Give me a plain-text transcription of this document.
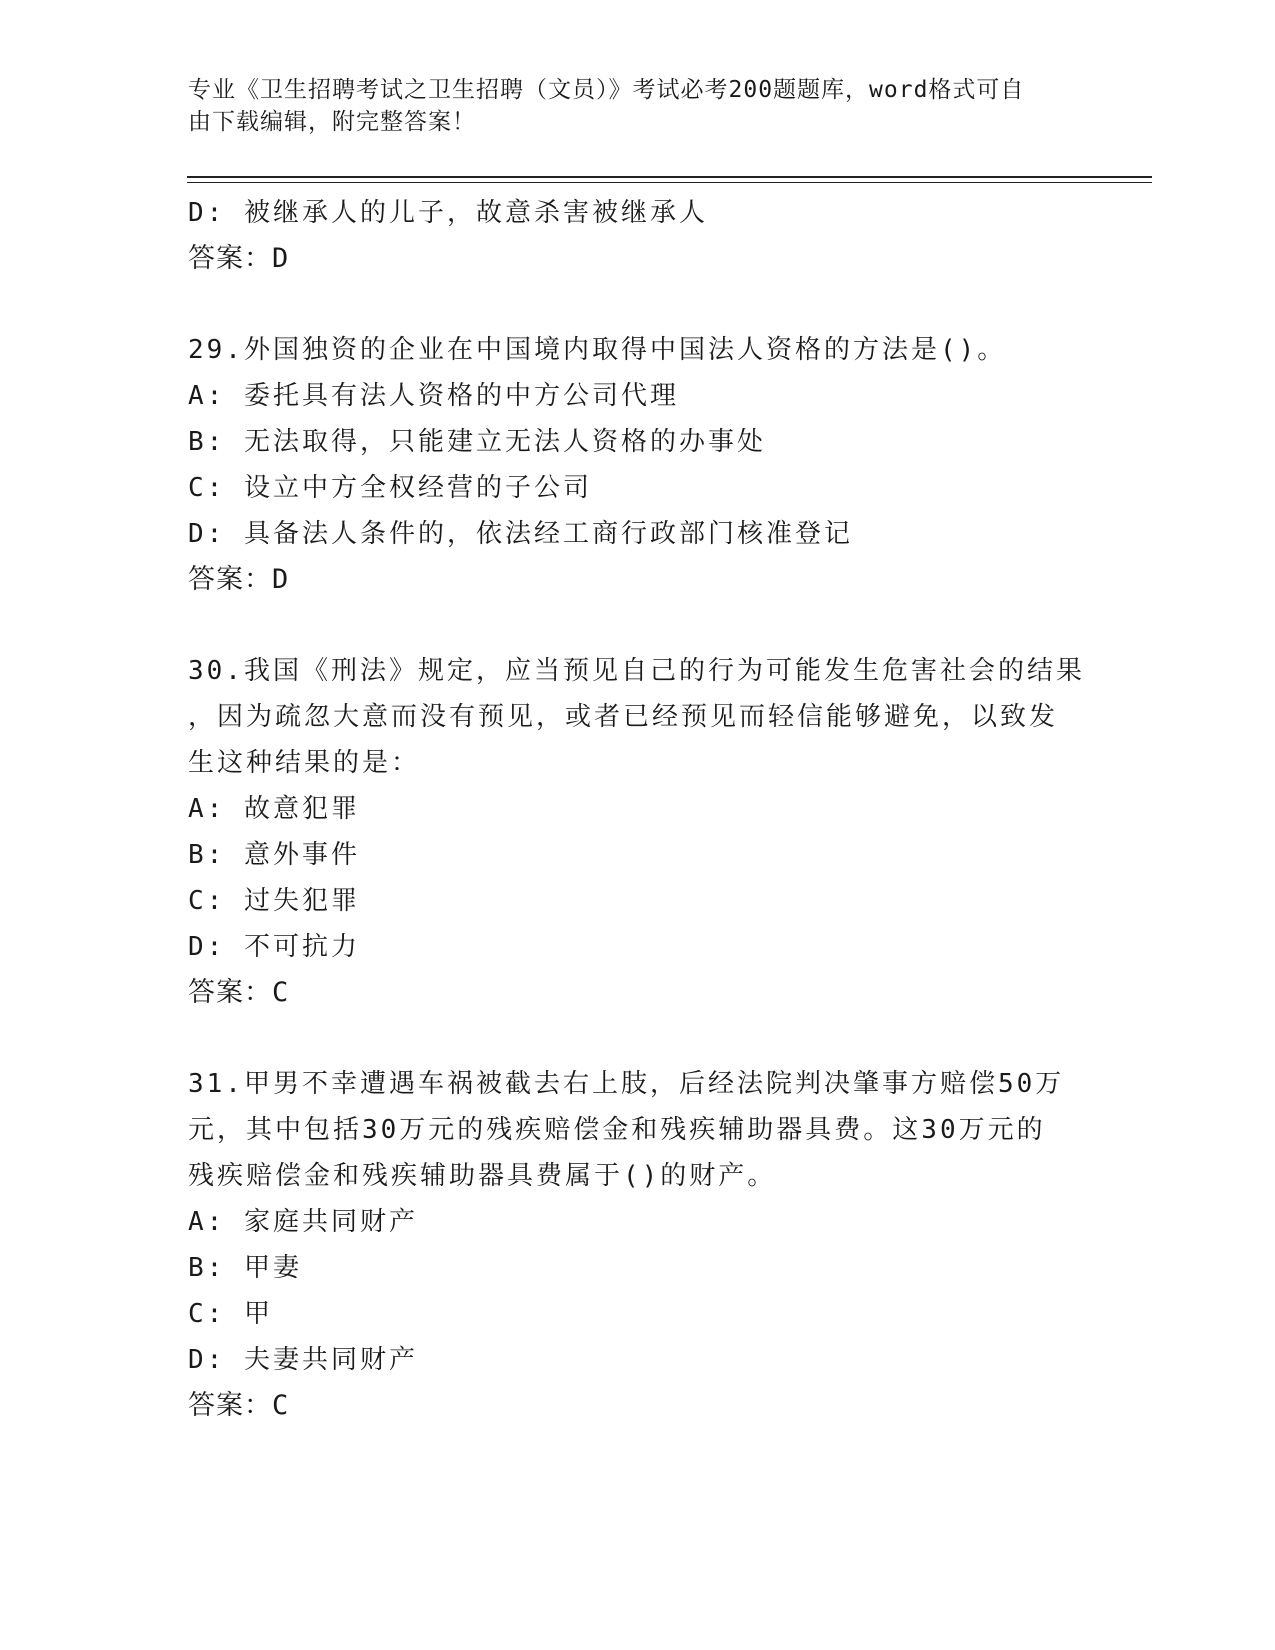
专业《卫生招聘考试之卫生招聘（文员）》考试必考200题题库，word格式可自
由下载编辑，附完整答案！
D: 被继承人的儿子，故意杀害被继承人
答案：D
29.外国独资的企业在中国境内取得中国法人资格的方法是()。
A: 委托具有法人资格的中方公司代理
B: 无法取得，只能建立无法人资格的办事处
C: 设立中方全权经营的子公司
D: 具备法人条件的，依法经工商行政部门核准登记
答案：D
30.我国《刑法》规定，应当预见自己的行为可能发生危害社会的结果
，因为疏忽大意而没有预见，或者已经预见而轻信能够避免，以致发
生这种结果的是：
A: 故意犯罪
B: 意外事件
C: 过失犯罪
D: 不可抗力
答案：C
31.甲男不幸遭遇车祸被截去右上肢，后经法院判决肇事方赔偿50万
元，其中包括30万元的残疾赔偿金和残疾辅助器具费。这30万元的
残疾赔偿金和残疾辅助器具费属于()的财产。
A: 家庭共同财产
B: 甲妻
C: 甲
D: 夫妻共同财产
答案：C
